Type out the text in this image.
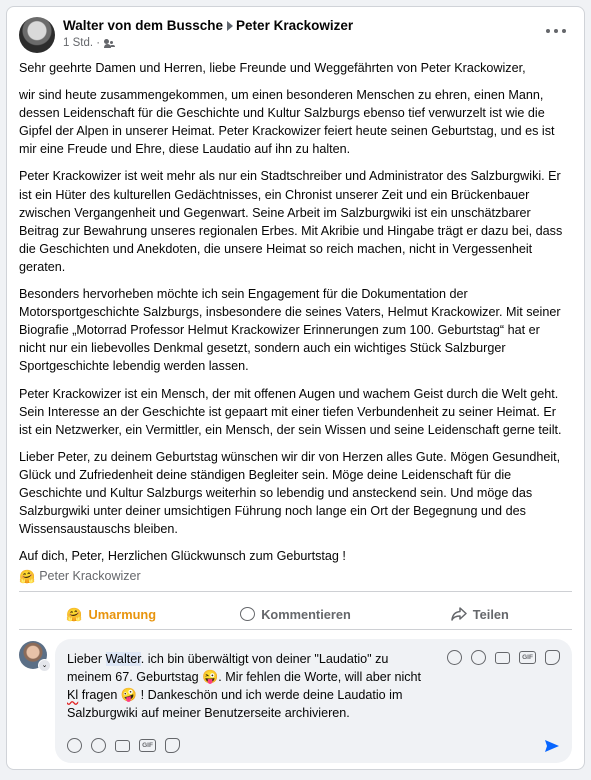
Walter von dem Bussche Peter Krackowizer
1 Std. ·

Sehr geehrte Damen und Herren, liebe Freunde und Weggefährten von Peter Krackowizer,

wir sind heute zusammengekommen, um einen besonderen Menschen zu ehren, einen Mann, dessen Leidenschaft für die Geschichte und Kultur Salzburgs ebenso tief verwurzelt ist wie die Gipfel der Alpen in unserer Heimat. Peter Krackowizer feiert heute seinen Geburtstag, und es ist mir eine Freude und Ehre, diese Laudatio auf ihn zu halten.

Peter Krackowizer ist weit mehr als nur ein Stadtschreiber und Administrator des Salzburgwiki. Er ist ein Hüter des kulturellen Gedächtnisses, ein Chronist unserer Zeit und ein Brückenbauer zwischen Vergangenheit und Gegenwart. Seine Arbeit im Salzburgwiki ist ein unschätzbarer Beitrag zur Bewahrung unseres regionalen Erbes. Mit Akribie und Hingabe trägt er dazu bei, dass die Geschichten und Anekdoten, die unsere Heimat so reich machen, nicht in Vergessenheit geraten.

Besonders hervorheben möchte ich sein Engagement für die Dokumentation der Motorsportgeschichte Salzburgs, insbesondere die seines Vaters, Helmut Krackowizer. Mit seiner Biografie „Motorrad Professor Helmut Krackowizer Erinnerungen zum 100. Geburtstag“ hat er nicht nur ein liebevolles Denkmal gesetzt, sondern auch ein wichtiges Stück Salzburger Sportgeschichte lebendig werden lassen.

Peter Krackowizer ist ein Mensch, der mit offenen Augen und wachem Geist durch die Welt geht. Sein Interesse an der Geschichte ist gepaart mit einer tiefen Verbundenheit zu seiner Heimat. Er ist ein Netzwerker, ein Vermittler, ein Mensch, der sein Wissen und seine Leidenschaft gerne teilt.

Lieber Peter, zu deinem Geburtstag wünschen wir dir von Herzen alles Gute. Mögen Gesundheit, Glück und Zufriedenheit deine ständigen Begleiter sein. Möge deine Leidenschaft für die Geschichte und Kultur Salzburgs weiterhin so lebendig und ansteckend sein. Und möge das Salzburgwiki unter deiner umsichtigen Führung noch lange ein Ort der Begegnung und des Wissensaustauschs bleiben.

Auf dich, Peter, Herzlichen Glückwunsch zum Geburtstag !

🤗 Peter Krackowizer
🤗 Umarmung	Kommentieren	Teilen
⌄ Lieber Walter. ich bin überwältigt von deiner "Laudatio" zu meinem 67. Geburtstag 😜. Mir fehlen die Worte, will aber nicht Kl fragen 🤪 ! Dankeschön und ich werde deine Laudatio im Salzburgwiki auf meiner Benutzerseite archivieren.
GIF
GIF
